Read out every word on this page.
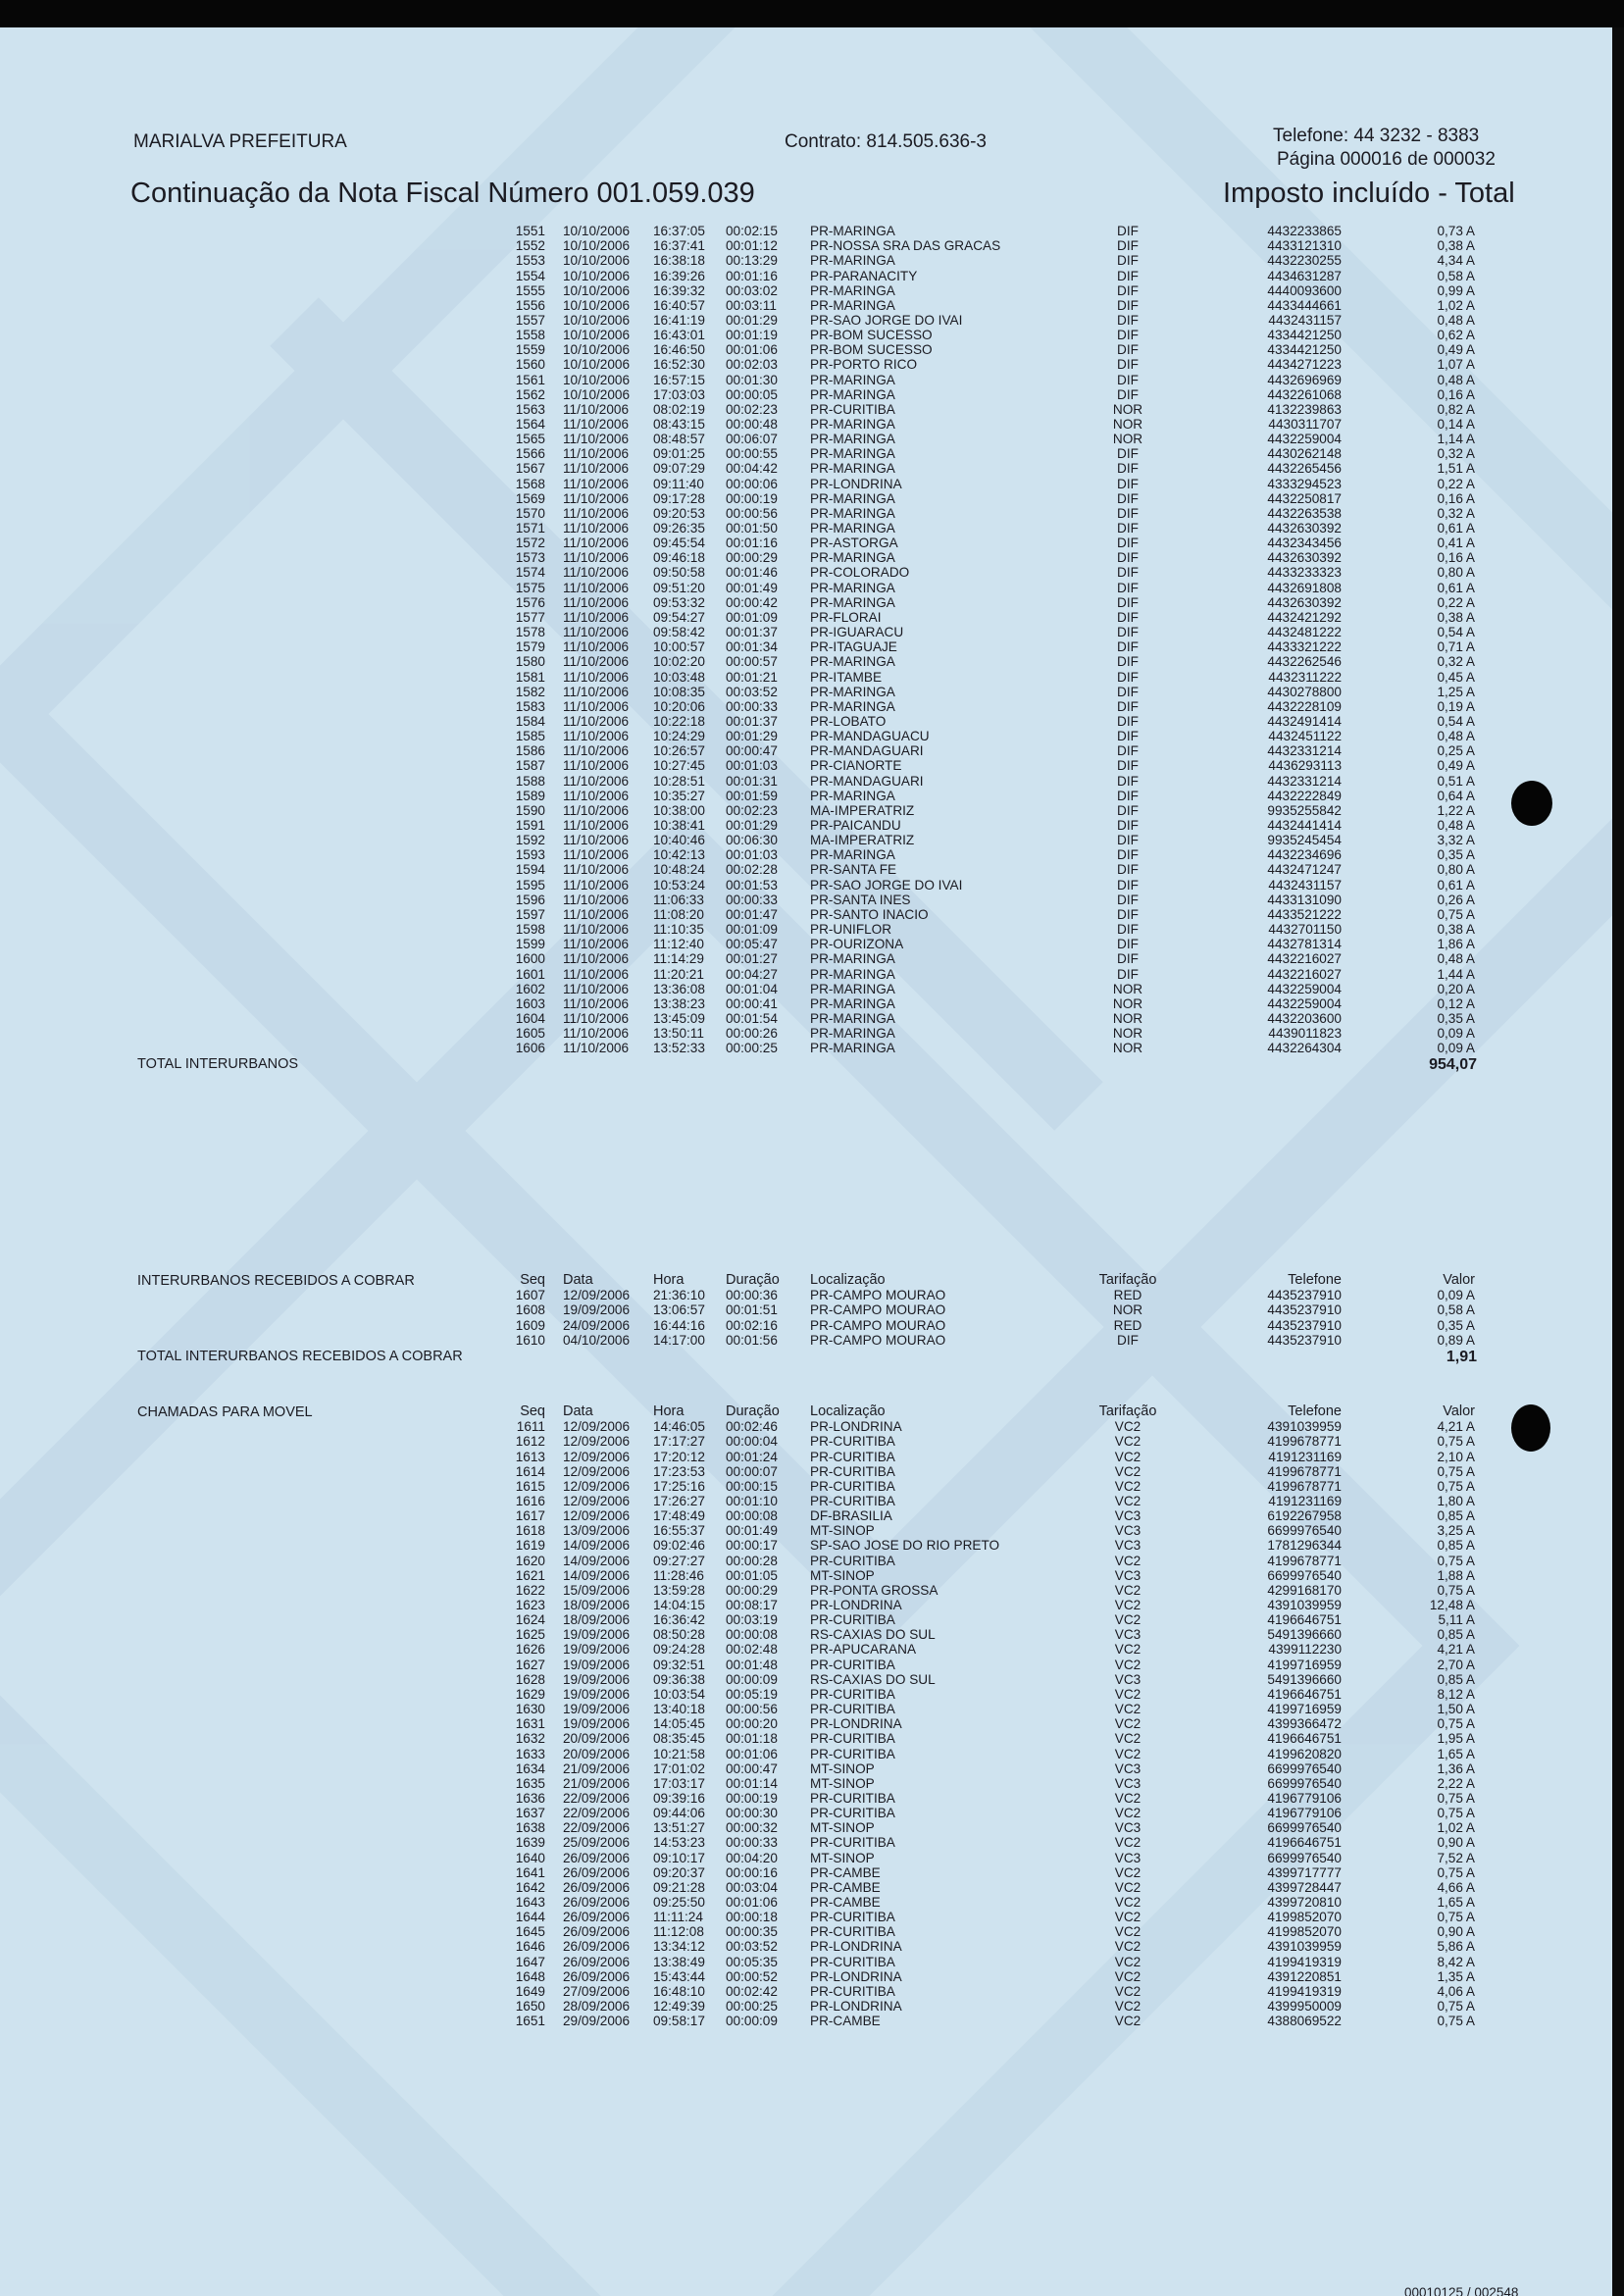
MARIALVA PREFEITURA	Contrato: 814.505.636-3	Telefone: 44 3232 - 8383
Página 000016 de 000032
Continuação da Nota Fiscal Número 001.059.039	Imposto incluído - Total
1551 10/10/2006 16:37:05 00:02:15 PR-MARINGA	DIF	4432233865	0,73 A
1552 10/10/2006 16:37:41 00:01:12 PR-NOSSA SRA DAS GRACAS	DIF	4433121310	0,38 A
1553 10/10/2006 16:38:18 00:13:29 PR-MARINGA	DIF	4432230255	4,34 A
1554 10/10/2006 16:39:26 00:01:16 PR-PARANACITY	DIF	4434631287	0,58 A
1555 10/10/2006 16:39:32 00:03:02 PR-MARINGA	DIF	4440093600	0,99 A
1556 10/10/2006 16:40:57 00:03:11	PR-MARINGA	DIF	4433444661	1,02 A
1557 10/10/2006 16:41:19 00:01:29 PR-SAO JORGE DO IVAI	DIF	4432431157	0,48 A
1558 10/10/2006 16:43:01 00:01:19 PR-BOM SUCESSO	DIF	4334421250	0,62 A
1559 10/10/2006 16:46:50 00:01:06 PR-BOM SUCESSO	DIF	4334421250	0,49 A
1560 10/10/2006 16:52:30 00:02:03 PR-PORTO RICO	DIF	4434271223	1,07 A
1561 10/10/2006 16:57:15 00:01:30 PR-MARINGA	DIF	4432696969	0,48 A
1562 10/10/2006 17:03:03 00:00:05 PR-MARINGA	DIF	4432261068	0,16 A
1563 11/10/2006 08:02:19 00:02:23 PR-CURITIBA	NOR	4132239863	0,82 A
1564 11/10/2006 08:43:15 00:00:48 PR-MARINGA	NOR	4430311707	0,14 A
1565 11/10/2006 08:48:57 00:06:07 PR-MARINGA	NOR	4432259004	1,14 A
1566 11/10/2006 09:01:25 00:00:55 PR-MARINGA	DIF	4430262148	0,32 A
1567 11/10/2006 09:07:29 00:04:42 PR-MARINGA	DIF	4432265456	1,51 A
1568 11/10/2006 09:11:40 00:00:06 PR-LONDRINA	DIF	4333294523	0,22 A
1569 11/10/2006 09:17:28 00:00:19 PR-MARINGA	DIF	4432250817	0,16 A
1570 11/10/2006 09:20:53 00:00:56 PR-MARINGA	DIF	4432263538	0,32 A
1571 11/10/2006 09:26:35 00:01:50 PR-MARINGA	DIF	4432630392	0,61 A
1572 11/10/2006 09:45:54 00:01:16 PR-ASTORGA	DIF	4432343456	0,41 A
1573 11/10/2006 09:46:18 00:00:29 PR-MARINGA	DIF	4432630392	0,16 A
1574 11/10/2006 09:50:58 00:01:46 PR-COLORADO	DIF	4433233323	0,80 A
1575 11/10/2006 09:51:20 00:01:49 PR-MARINGA	DIF	4432691808	0,61 A
1576 11/10/2006 09:53:32 00:00:42 PR-MARINGA	DIF	4432630392	0,22 A
1577 11/10/2006 09:54:27 00:01:09 PR-FLORAI	DIF	4432421292	0,38 A
1578 11/10/2006 09:58:42 00:01:37 PR-IGUARACU	DIF	4432481222	0,54 A
1579 11/10/2006 10:00:57 00:01:34 PR-ITAGUAJE	DIF	4433321222	0,71 A
1580 11/10/2006 10:02:20 00:00:57 PR-MARINGA	DIF	4432262546	0,32 A
1581 11/10/2006 10:03:48 00:01:21 PR-ITAMBE	DIF	4432311222	0,45 A
1582 11/10/2006 10:08:35 00:03:52 PR-MARINGA	DIF	4430278800	1,25 A
1583 11/10/2006 10:20:06 00:00:33 PR-MARINGA	DIF	4432228109	0,19 A
1584 11/10/2006 10:22:18 00:01:37 PR-LOBATO	DIF	4432491414	0,54 A
1585 11/10/2006 10:24:29 00:01:29 PR-MANDAGUACU	DIF	4432451122	0,48 A
1586 11/10/2006 10:26:57 00:00:47 PR-MANDAGUARI	DIF	4432331214	0,25 A
1587 11/10/2006 10:27:45 00:01:03 PR-CIANORTE	DIF	4436293113	0,49 A
1588 11/10/2006 10:28:51 00:01:31 PR-MANDAGUARI	DIF	4432331214	0,51 A
1589 11/10/2006 10:35:27 00:01:59 PR-MARINGA	DIF	4432222849	0,64 A
1590 11/10/2006 10:38:00 00:02:23 MA-IMPERATRIZ	DIF	9935255842	1,22 A
1591 11/10/2006 10:38:41 00:01:29 PR-PAICANDU	DIF	4432441414	0,48 A
1592 11/10/2006 10:40:46 00:06:30 MA-IMPERATRIZ	DIF	9935245454	3,32 A
1593 11/10/2006 10:42:13 00:01:03 PR-MARINGA	DIF	4432234696	0,35 A
1594 11/10/2006 10:48:24 00:02:28 PR-SANTA FE	DIF	4432471247	0,80 A
1595 11/10/2006 10:53:24 00:01:53 PR-SAO JORGE DO IVAI	DIF	4432431157	0,61 A
1596 11/10/2006 11:06:33 00:00:33 PR-SANTA INES	DIF	4433131090	0,26 A
1597 11/10/2006 11:08:20 00:01:47 PR-SANTO INACIO	DIF	4433521222	0,75 A
1598 11/10/2006 11:10:35 00:01:09 PR-UNIFLOR	DIF	4432701150	0,38 A
1599 11/10/2006 11:12:40 00:05:47 PR-OURIZONA	DIF	4432781314	1,86 A
1600 11/10/2006 11:14:29 00:01:27 PR-MARINGA	DIF	4432216027	0,48 A
1601 11/10/2006 11:20:21 00:04:27 PR-MARINGA	DIF	4432216027	1,44 A
1602 11/10/2006 13:36:08 00:01:04 PR-MARINGA	NOR	4432259004	0,20 A
1603 11/10/2006 13:38:23 00:00:41 PR-MARINGA	NOR	4432259004	0,12 A
1604 11/10/2006 13:45:09 00:01:54 PR-MARINGA	NOR	4432203600	0,35 A
1605 11/10/2006 13:50:11 00:00:26 PR-MARINGA	NOR	4439011823	0,09 A
1606 11/10/2006 13:52:33 00:00:25 PR-MARINGA	NOR	4432264304	0,09 A
TOTAL INTERURBANOS	954,07
Seq Data	Hora	Duração Localização	Tarifação	Telefone	Valor
INTERURBANOS RECEBIDOS A COBRAR
1607 12/09/2006 21:36:10 00:00:36 PR-CAMPO MOURAO	RED	4435237910	0,09 A
1608 19/09/2006 13:06:57 00:01:51 PR-CAMPO MOURAO	NOR	4435237910	0,58 A
1609 24/09/2006 16:44:16 00:02:16 PR-CAMPO MOURAO	RED	4435237910	0,35 A
1610 04/10/2006 14:17:00 00:01:56 PR-CAMPO MOURAO	DIF	4435237910	0,89 A
TOTAL INTERURBANOS RECEBIDOS A COBRAR	1,91
Seq Data	Hora	Duração Localização	Tarifação	Telefone	Valor
CHAMADAS PARA MOVEL
1611 12/09/2006 14:46:05 00:02:46 PR-LONDRINA	VC2	4391039959	4,21 A
1612 12/09/2006 17:17:27 00:00:04 PR-CURITIBA	VC2	4199678771	0,75 A
1613 12/09/2006 17:20:12 00:01:24 PR-CURITIBA	VC2	4191231169	2,10 A
1614 12/09/2006 17:23:53 00:00:07 PR-CURITIBA	VC2	4199678771	0,75 A
1615 12/09/2006 17:25:16 00:00:15 PR-CURITIBA	VC2	4199678771	0,75 A
1616 12/09/2006 17:26:27 00:01:10 PR-CURITIBA	VC2	4191231169	1,80 A
1617 12/09/2006 17:48:49 00:00:08 DF-BRASILIA	VC3	6192267958	0,85 A
1618 13/09/2006 16:55:37 00:01:49 MT-SINOP	VC3	6699976540	3,25 A
1619 14/09/2006 09:02:46 00:00:17 SP-SAO JOSE DO RIO PRETO	VC3	1781296344	0,85 A
1620 14/09/2006 09:27:27 00:00:28 PR-CURITIBA	VC2	4199678771	0,75 A
1621 14/09/2006 11:28:46 00:01:05 MT-SINOP	VC3	6699976540	1,88 A
1622 15/09/2006 13:59:28 00:00:29 PR-PONTA GROSSA	VC2	4299168170	0,75 A
1623 18/09/2006 14:04:15 00:08:17 PR-LONDRINA	VC2	4391039959	12,48 A
1624 18/09/2006 16:36:42 00:03:19 PR-CURITIBA	VC2	4196646751	5,11 A
1625 19/09/2006 08:50:28 00:00:08 RS-CAXIAS DO SUL	VC3	5491396660	0,85 A
1626 19/09/2006 09:24:28 00:02:48 PR-APUCARANA	VC2	4399112230	4,21 A
1627 19/09/2006 09:32:51 00:01:48 PR-CURITIBA	VC2	4199716959	2,70 A
1628 19/09/2006 09:36:38 00:00:09 RS-CAXIAS DO SUL	VC3	5491396660	0,85 A
1629 19/09/2006 10:03:54 00:05:19 PR-CURITIBA	VC2	4196646751	8,12 A
1630 19/09/2006 13:40:18 00:00:56 PR-CURITIBA	VC2	4199716959	1,50 A
1631 19/09/2006 14:05:45 00:00:20 PR-LONDRINA	VC2	4399366472	0,75 A
1632 20/09/2006 08:35:45 00:01:18 PR-CURITIBA	VC2	4196646751	1,95 A
1633 20/09/2006 10:21:58 00:01:06 PR-CURITIBA	VC2	4199620820	1,65 A
1634 21/09/2006 17:01:02 00:00:47 MT-SINOP	VC3	6699976540	1,36 A
1635 21/09/2006 17:03:17 00:01:14 MT-SINOP	VC3	6699976540	2,22 A
1636 22/09/2006 09:39:16 00:00:19 PR-CURITIBA	VC2	4196779106	0,75 A
1637 22/09/2006 09:44:06 00:00:30 PR-CURITIBA	VC2	4196779106	0,75 A
1638 22/09/2006 13:51:27 00:00:32 MT-SINOP	VC3	6699976540	1,02 A
1639 25/09/2006 14:53:23 00:00:33 PR-CURITIBA	VC2	4196646751	0,90 A
1640 26/09/2006 09:10:17 00:04:20 MT-SINOP	VC3	6699976540	7,52 A
1641 26/09/2006 09:20:37 00:00:16 PR-CAMBE	VC2	4399717777	0,75 A
1642 26/09/2006 09:21:28 00:03:04 PR-CAMBE	VC2	4399728447	4,66 A
1643 26/09/2006 09:25:50 00:01:06 PR-CAMBE	VC2	4399720810	1,65 A
1644 26/09/2006 11:11:24 00:00:18 PR-CURITIBA	VC2	4199852070	0,75 A
1645 26/09/2006 11:12:08 00:00:35 PR-CURITIBA	VC2	4199852070	0,90 A
1646 26/09/2006 13:34:12 00:03:52 PR-LONDRINA	VC2	4391039959	5,86 A
1647 26/09/2006 13:38:49 00:05:35 PR-CURITIBA	VC2	4199419319	8,42 A
1648 26/09/2006 15:43:44 00:00:52 PR-LONDRINA	VC2	4391220851	1,35 A
1649 27/09/2006 16:48:10 00:02:42 PR-CURITIBA	VC2	4199419319	4,06 A
1650 28/09/2006 12:49:39 00:00:25 PR-LONDRINA	VC2	4399950009	0,75 A
1651 29/09/2006 09:58:17 00:00:09 PR-CAMBE	VC2	4388069522	0,75 A
00010125 / 002548
